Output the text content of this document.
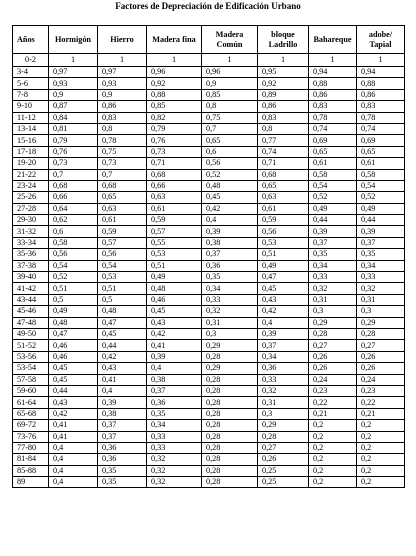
Factores de Depreciación de Edificación Urbano
Años	Hormigón	Hierro	Madera fina	Madera Común	bloque Ladrillo	Bahareque	adobe/ Tapial
0-2	1	1	1	1	1	1	1
3-4	0,97	0,97	0,96	0,96	0,95	0,94	0,94
5-6	0,93	0,93	0,92	0,9	0,92	0,88	0,88
7-8	0,9	0,9	0,88	0,85	0,89	0,86	0,86
9-10	0,87	0,86	0,85	0,8	0,86	0,83	0,83
11-12	0,84	0,83	0,82	0,75	0,83	0,78	0,78
13-14	0,81	0,8	0,79	0,7	0,8	0,74	0,74
15-16	0,79	0,78	0,76	0,65	0,77	0,69	0,69
17-18	0,76	0,75	0,73	0,6	0,74	0,65	0,65
19-20	0,73	0,73	0,71	0,56	0,71	0,61	0,61
21-22	0,7	0,7	0,68	0,52	0,68	0,58	0,58
23-24	0,68	0,68	0,66	0,48	0,65	0,54	0,54
25-26	0,66	0,65	0,63	0,45	0,63	0,52	0,52
27-28	0,64	0,63	0,61	0,42	0,61	0,49	0,49
29-30	0,62	0,61	0,59	0,4	0,59	0,44	0,44
31-32	0,6	0,59	0,57	0,39	0,56	0,39	0,39
33-34	0,58	0,57	0,55	0,38	0,53	0,37	0,37
35-36	0,56	0,56	0,53	0,37	0,51	0,35	0,35
37-38	0,54	0,54	0,51	0,36	0,49	0,34	0,34
39-40	0,52	0,53	0,49	0,35	0,47	0,33	0,33
41-42	0,51	0,51	0,48	0,34	0,45	0,32	0,32
43-44	0,5	0,5	0,46	0,33	0,43	0,31	0,31
45-46	0,49	0,48	0,45	0,32	0,42	0,3	0,3
47-48	0,48	0,47	0,43	0,31	0,4	0,29	0,29
49-50	0,47	0,45	0,42	0,3	0,39	0,28	0,28
51-52	0,46	0,44	0,41	0,29	0,37	0,27	0,27
53-56	0,46	0,42	0,39	0,28	0,34	0,26	0,26
53-54	0,45	0,43	0,4	0,29	0,36	0,26	0,26
57-58	0,45	0,41	0,38	0,28	0,33	0,24	0,24
59-60	0,44	0,4	0,37	0,28	0,32	0,23	0,23
61-64	0,43	0,39	0,36	0,28	0,31	0,22	0,22
65-68	0,42	0,38	0,35	0,28	0,3	0,21	0,21
69-72	0,41	0,37	0,34	0,28	0,29	0,2	0,2
73-76	0,41	0,37	0,33	0,28	0,28	0,2	0,2
77-80	0,4	0,36	0,33	0,28	0,27	0,2	0,2
81-84	0,4	0,36	0,32	0,28	0,26	0,2	0,2
85-88	0,4	0,35	0,32	0,28	0,25	0,2	0,2
89	0,4	0,35	0,32	0,28	0,25	0,2	0,2
